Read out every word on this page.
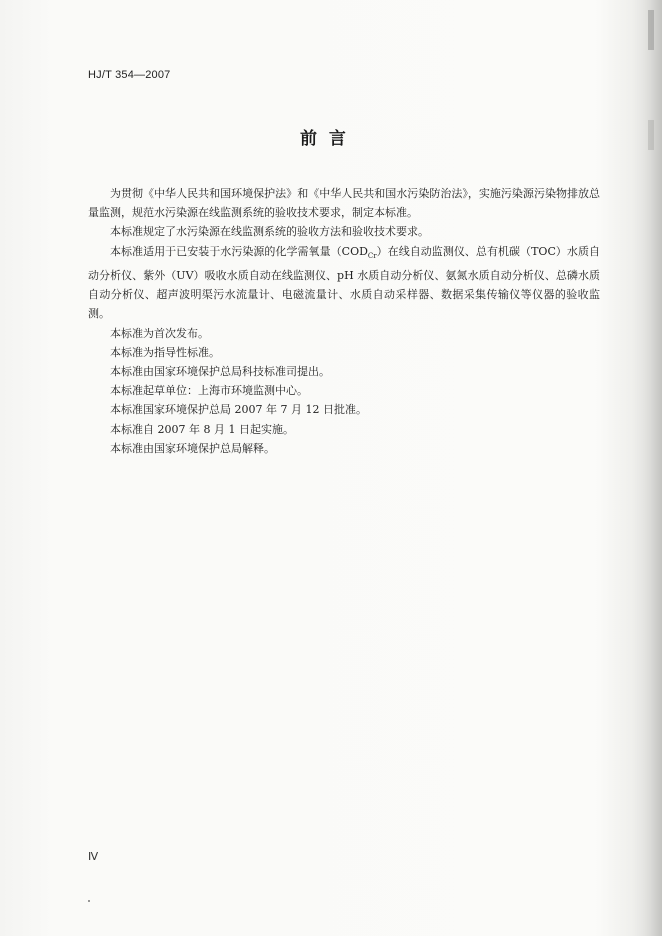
HJ/T 354—2007
前  言

为贯彻《中华人民共和国环境保护法》和《中华人民共和国水污染防治法》，实施污染源污染物排放总量监测，规范水污染源在线监测系统的验收技术要求，制定本标准。

本标准规定了水污染源在线监测系统的验收方法和验收技术要求。

本标准适用于已安装于水污染源的化学需氧量$(COD_{Cr})$在线自动监测仪、总有机碳（TOC）水质自动分析仪、紫外（UV）吸收水质自动在线监测仪、pH 水质自动分析仪、氨氮水质自动分析仪、总磷水质自动分析仪、超声波明渠污水流量计、电磁流量计、水质自动采样器、数据采集传输仪等仪器的验收监测。

本标准为首次发布。

本标准为指导性标准。

本标准由国家环境保护总局科技标准司提出。

本标准起草单位：上海市环境监测中心。

本标准国家环境保护总局 2007 年 7 月 12 日批准。

本标准自 2007 年 8 月 1 日起实施。

本标准由国家环境保护总局解释。

Ⅳ
